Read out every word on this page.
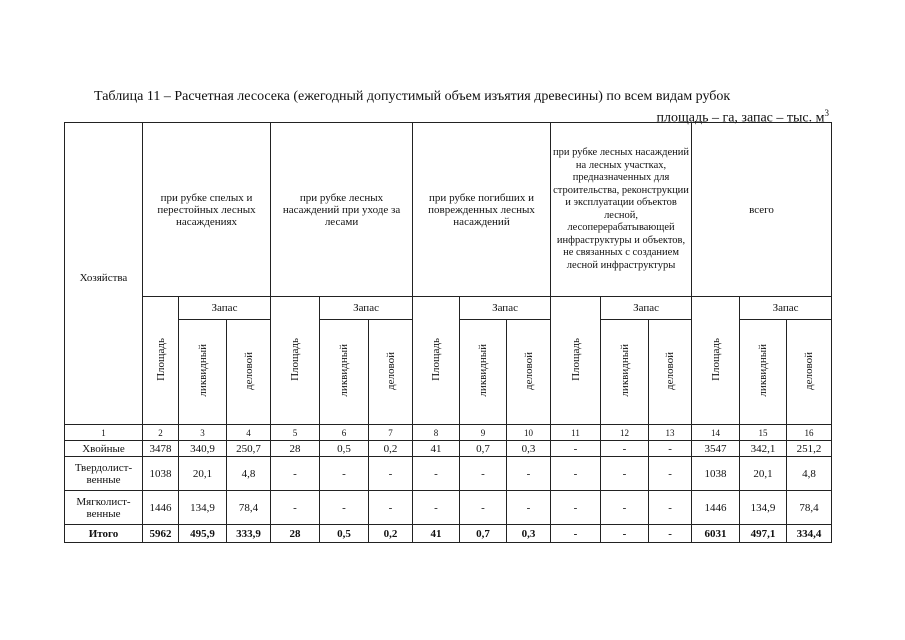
Таблица 11 – Расчетная лесосека (ежегодный допустимый объем изъятия древесины) по всем видам рубок
площадь – га, запас – тыс. $м^3$
Хозяйства	при рубке спелых и перестойных лесных насаждениях			при рубке лесных насаждений при уходе за лесами			при рубке погибших и поврежденных лесных насаждений			при рубке лесных насаждений на лесных участках, предназначенных для строительства, реконструкции и эксплуатации объектов лесной, лесоперерабатывающей инфраструктуры и объектов, не связанных с созданием лесной инфраструктуры			всего		
	Площадь	Запас		Площадь	Запас		Площадь	Запас		Площадь	Запас		Площадь	Запас	
		ликвидный	деловой		ликвидный	деловой		ликвидный	деловой		ликвидный	деловой		ликвидный	деловой
1	2	3	4	5	6	7	8	9	10	11	12	13	14	15	16
Хвойные	3478	340,9	250,7	28	0,5	0,2	41	0,7	0,3	-	-	-	3547	342,1	251,2
Твердолист-
венные	1038	20,1	4,8	-	-	-	-	-	-	-	-	-	1038	20,1	4,8
Мягколист-
венные	1446	134,9	78,4	-	-	-	-	-	-	-	-	-	1446	134,9	78,4
Итого	5962	495,9	333,9	28	0,5	0,2	41	0,7	0,3	-	-	-	6031	497,1	334,4
